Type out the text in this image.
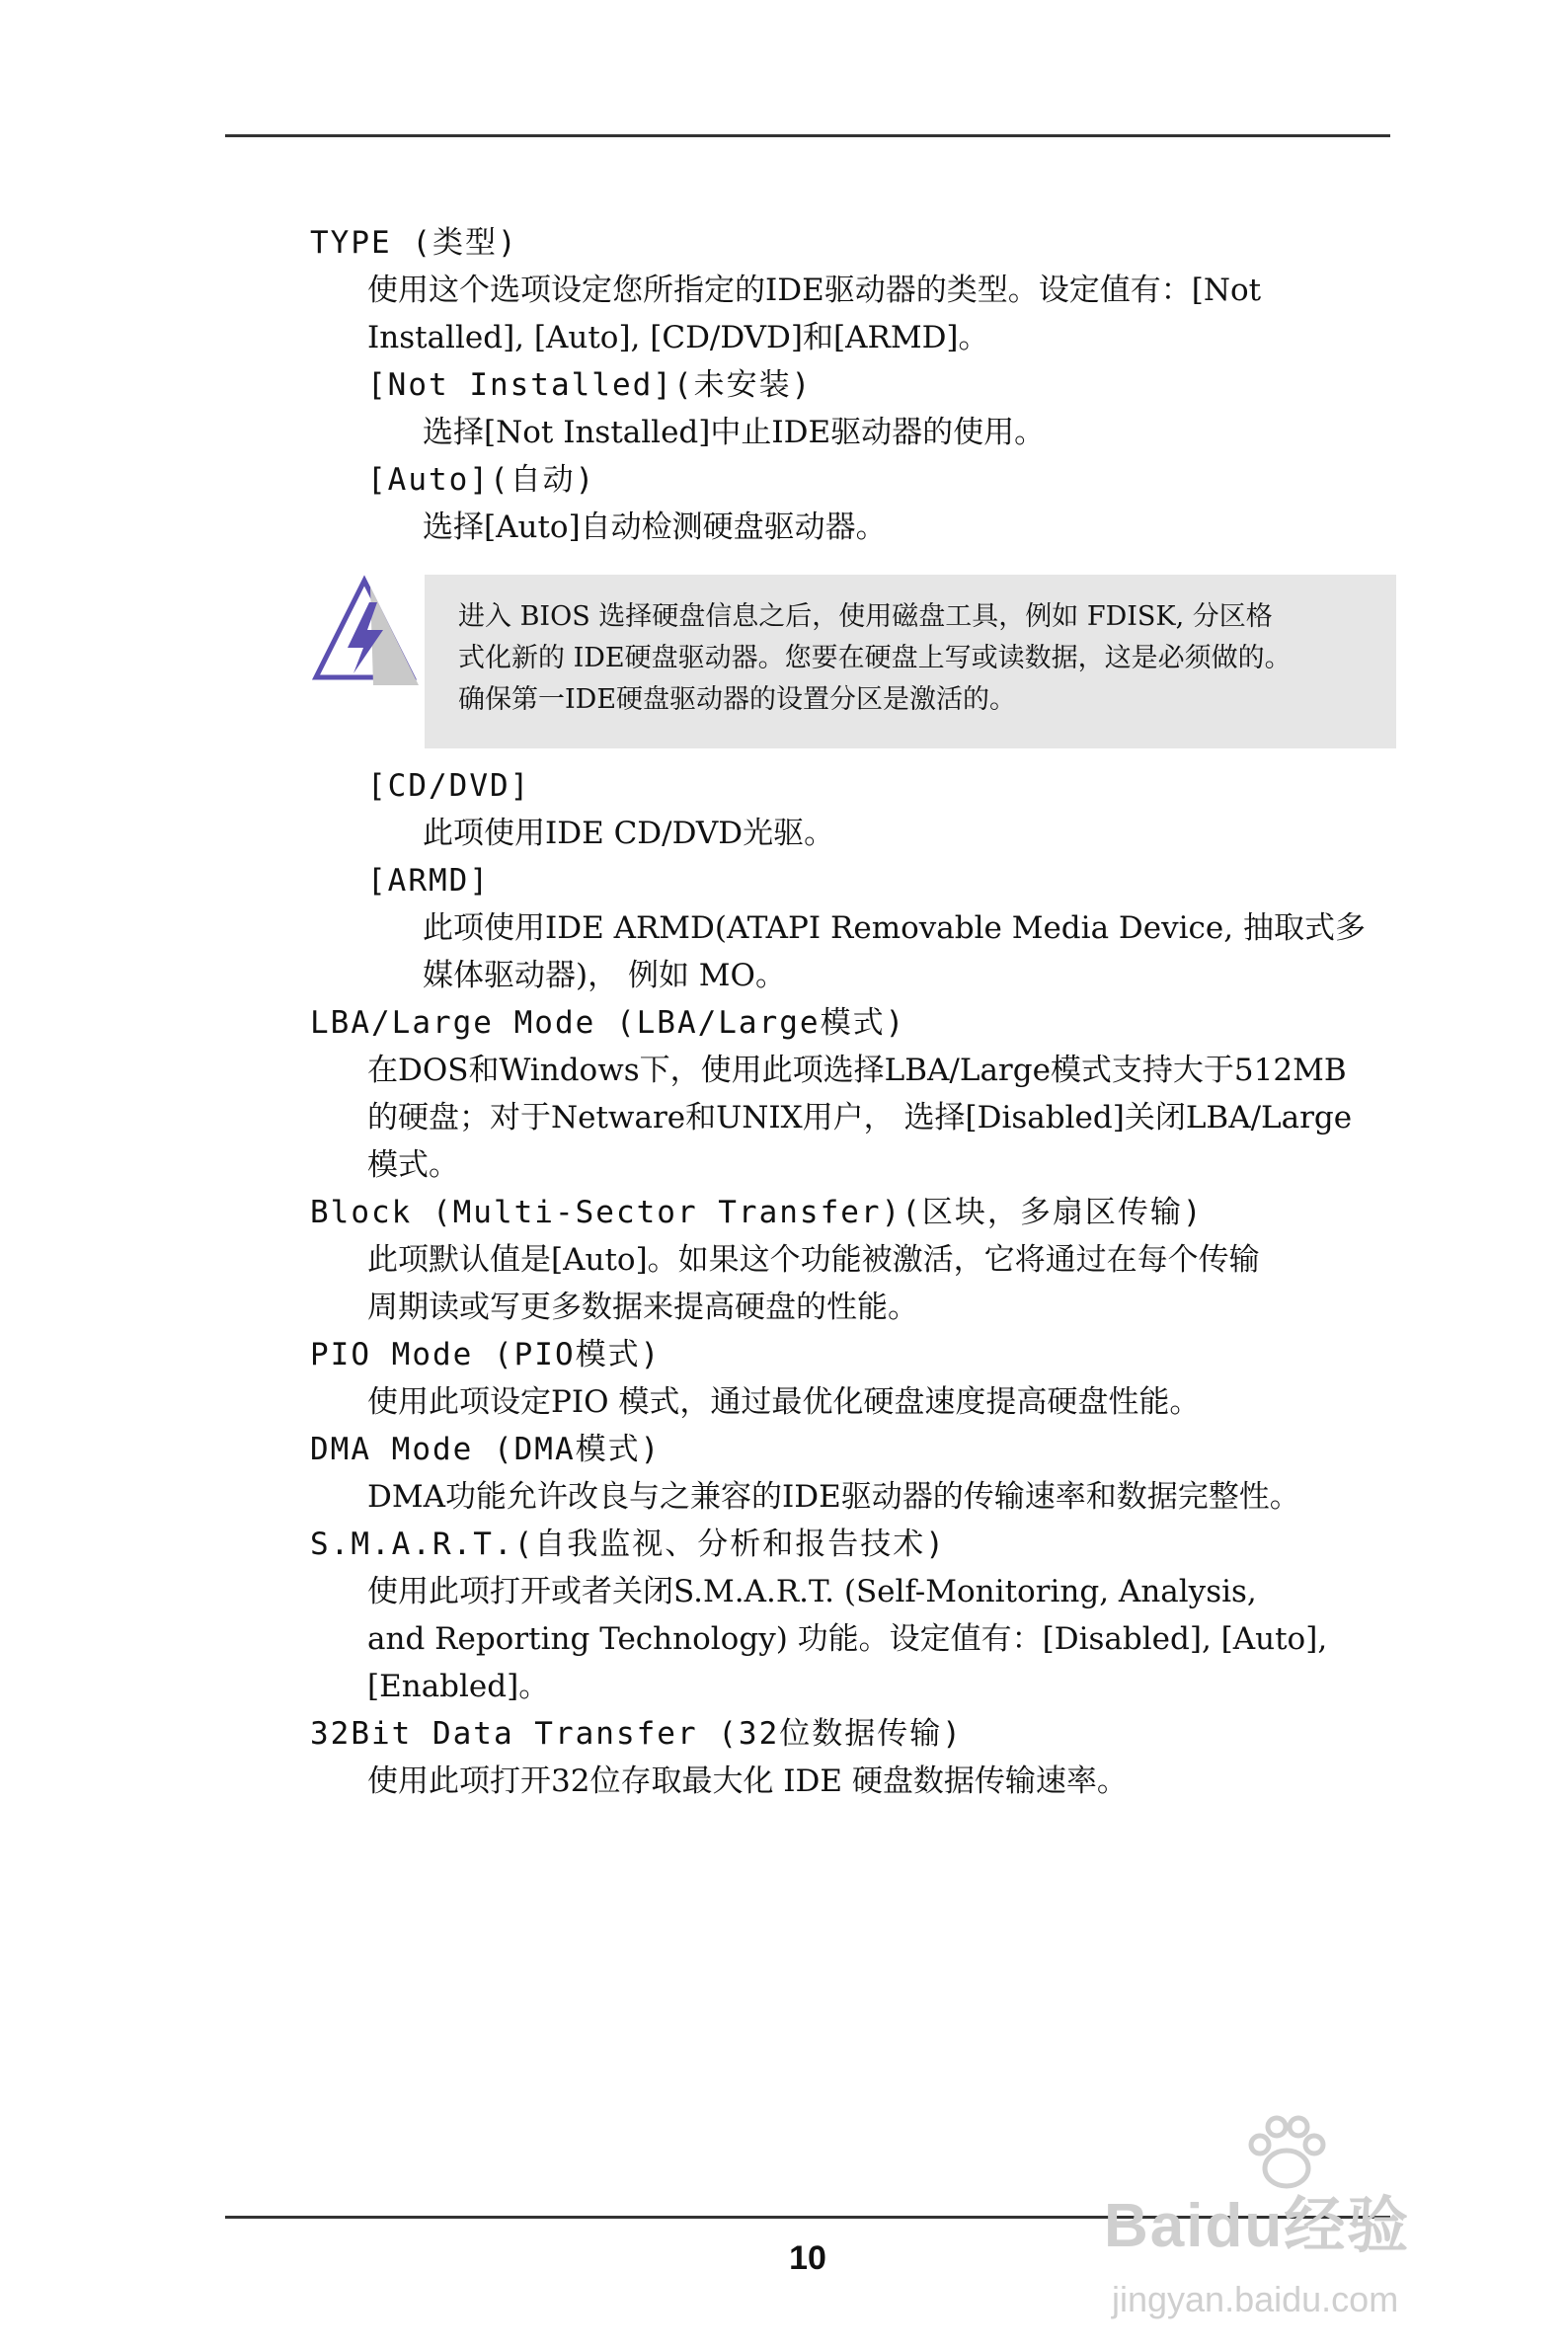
TYPE (类型)
使用这个选项设定您所指定的IDE驱动器的类型。设定值有：[Not
Installed], [Auto], [CD/DVD]和[ARMD]。
[Not Installed](未安装)
选择[Not Installed]中止IDE驱动器的使用。
[Auto](自动)
选择[Auto]自动检测硬盘驱动器。
进入 BIOS 选择硬盘信息之后，使用磁盘工具，例如 FDISK, 分区格
式化新的 IDE硬盘驱动器。您要在硬盘上写或读数据，这是必须做的。
确保第一IDE硬盘驱动器的设置分区是激活的。
[CD/DVD]
此项使用IDE CD/DVD光驱。
[ARMD]
此项使用IDE ARMD(ATAPI Removable Media Device, 抽取式多
媒体驱动器)， 例如 MO。
LBA/Large Mode (LBA/Large模式)
在DOS和Windows下，使用此项选择LBA/Large模式支持大于512MB
的硬盘；对于Netware和UNIX用户， 选择[Disabled]关闭LBA/Large
模式。
Block (Multi-Sector Transfer)(区块，多扇区传输)
此项默认值是[Auto]。如果这个功能被激活，它将通过在每个传输
周期读或写更多数据来提高硬盘的性能。
PIO Mode (PIO模式)
使用此项设定PIO 模式，通过最优化硬盘速度提高硬盘性能。
DMA Mode (DMA模式)
DMA功能允许改良与之兼容的IDE驱动器的传输速率和数据完整性。
S.M.A.R.T.(自我监视、分析和报告技术)
使用此项打开或者关闭S.M.A.R.T. (Self-Monitoring, Analysis,
and Reporting Technology) 功能。设定值有：[Disabled], [Auto],
[Enabled]。
32Bit Data Transfer (32位数据传输)
使用此项打开32位存取最大化 IDE 硬盘数据传输速率。
10	Baidu经验
jingyan.baidu.com
